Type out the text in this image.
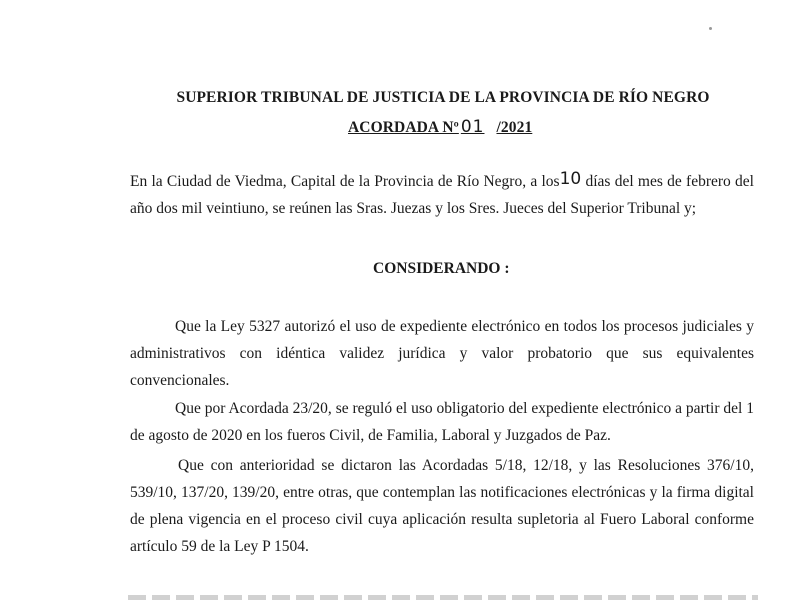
SUPERIOR TRIBUNAL DE JUSTICIA DE LA PROVINCIA DE RÍO NEGRO
ACORDADA Nº 01 /2021

En la Ciudad de Viedma, Capital de la Provincia de Río Negro, a los10 días del mes de febrero del año dos mil veintiuno, se reúnen las Sras. Juezas y los Sres. Jueces del Superior Tribunal y;

CONSIDERANDO :

Que la Ley 5327 autorizó el uso de expediente electrónico en todos los procesos judiciales y administrativos con idéntica validez jurídica y valor probatorio que sus equivalentes convencionales.

Que por Acordada 23/20, se reguló el uso obligatorio del expediente electrónico a partir del 1 de agosto de 2020 en los fueros Civil, de Familia, Laboral y Juzgados de Paz.

Que con anterioridad se dictaron las Acordadas 5/18, 12/18, y las Resoluciones 376/10, 539/10, 137/20, 139/20, entre otras, que contemplan las notificaciones electrónicas y la firma digital de plena vigencia en el proceso civil cuya aplicación resulta supletoria al Fuero Laboral conforme artículo 59 de la Ley P 1504.
